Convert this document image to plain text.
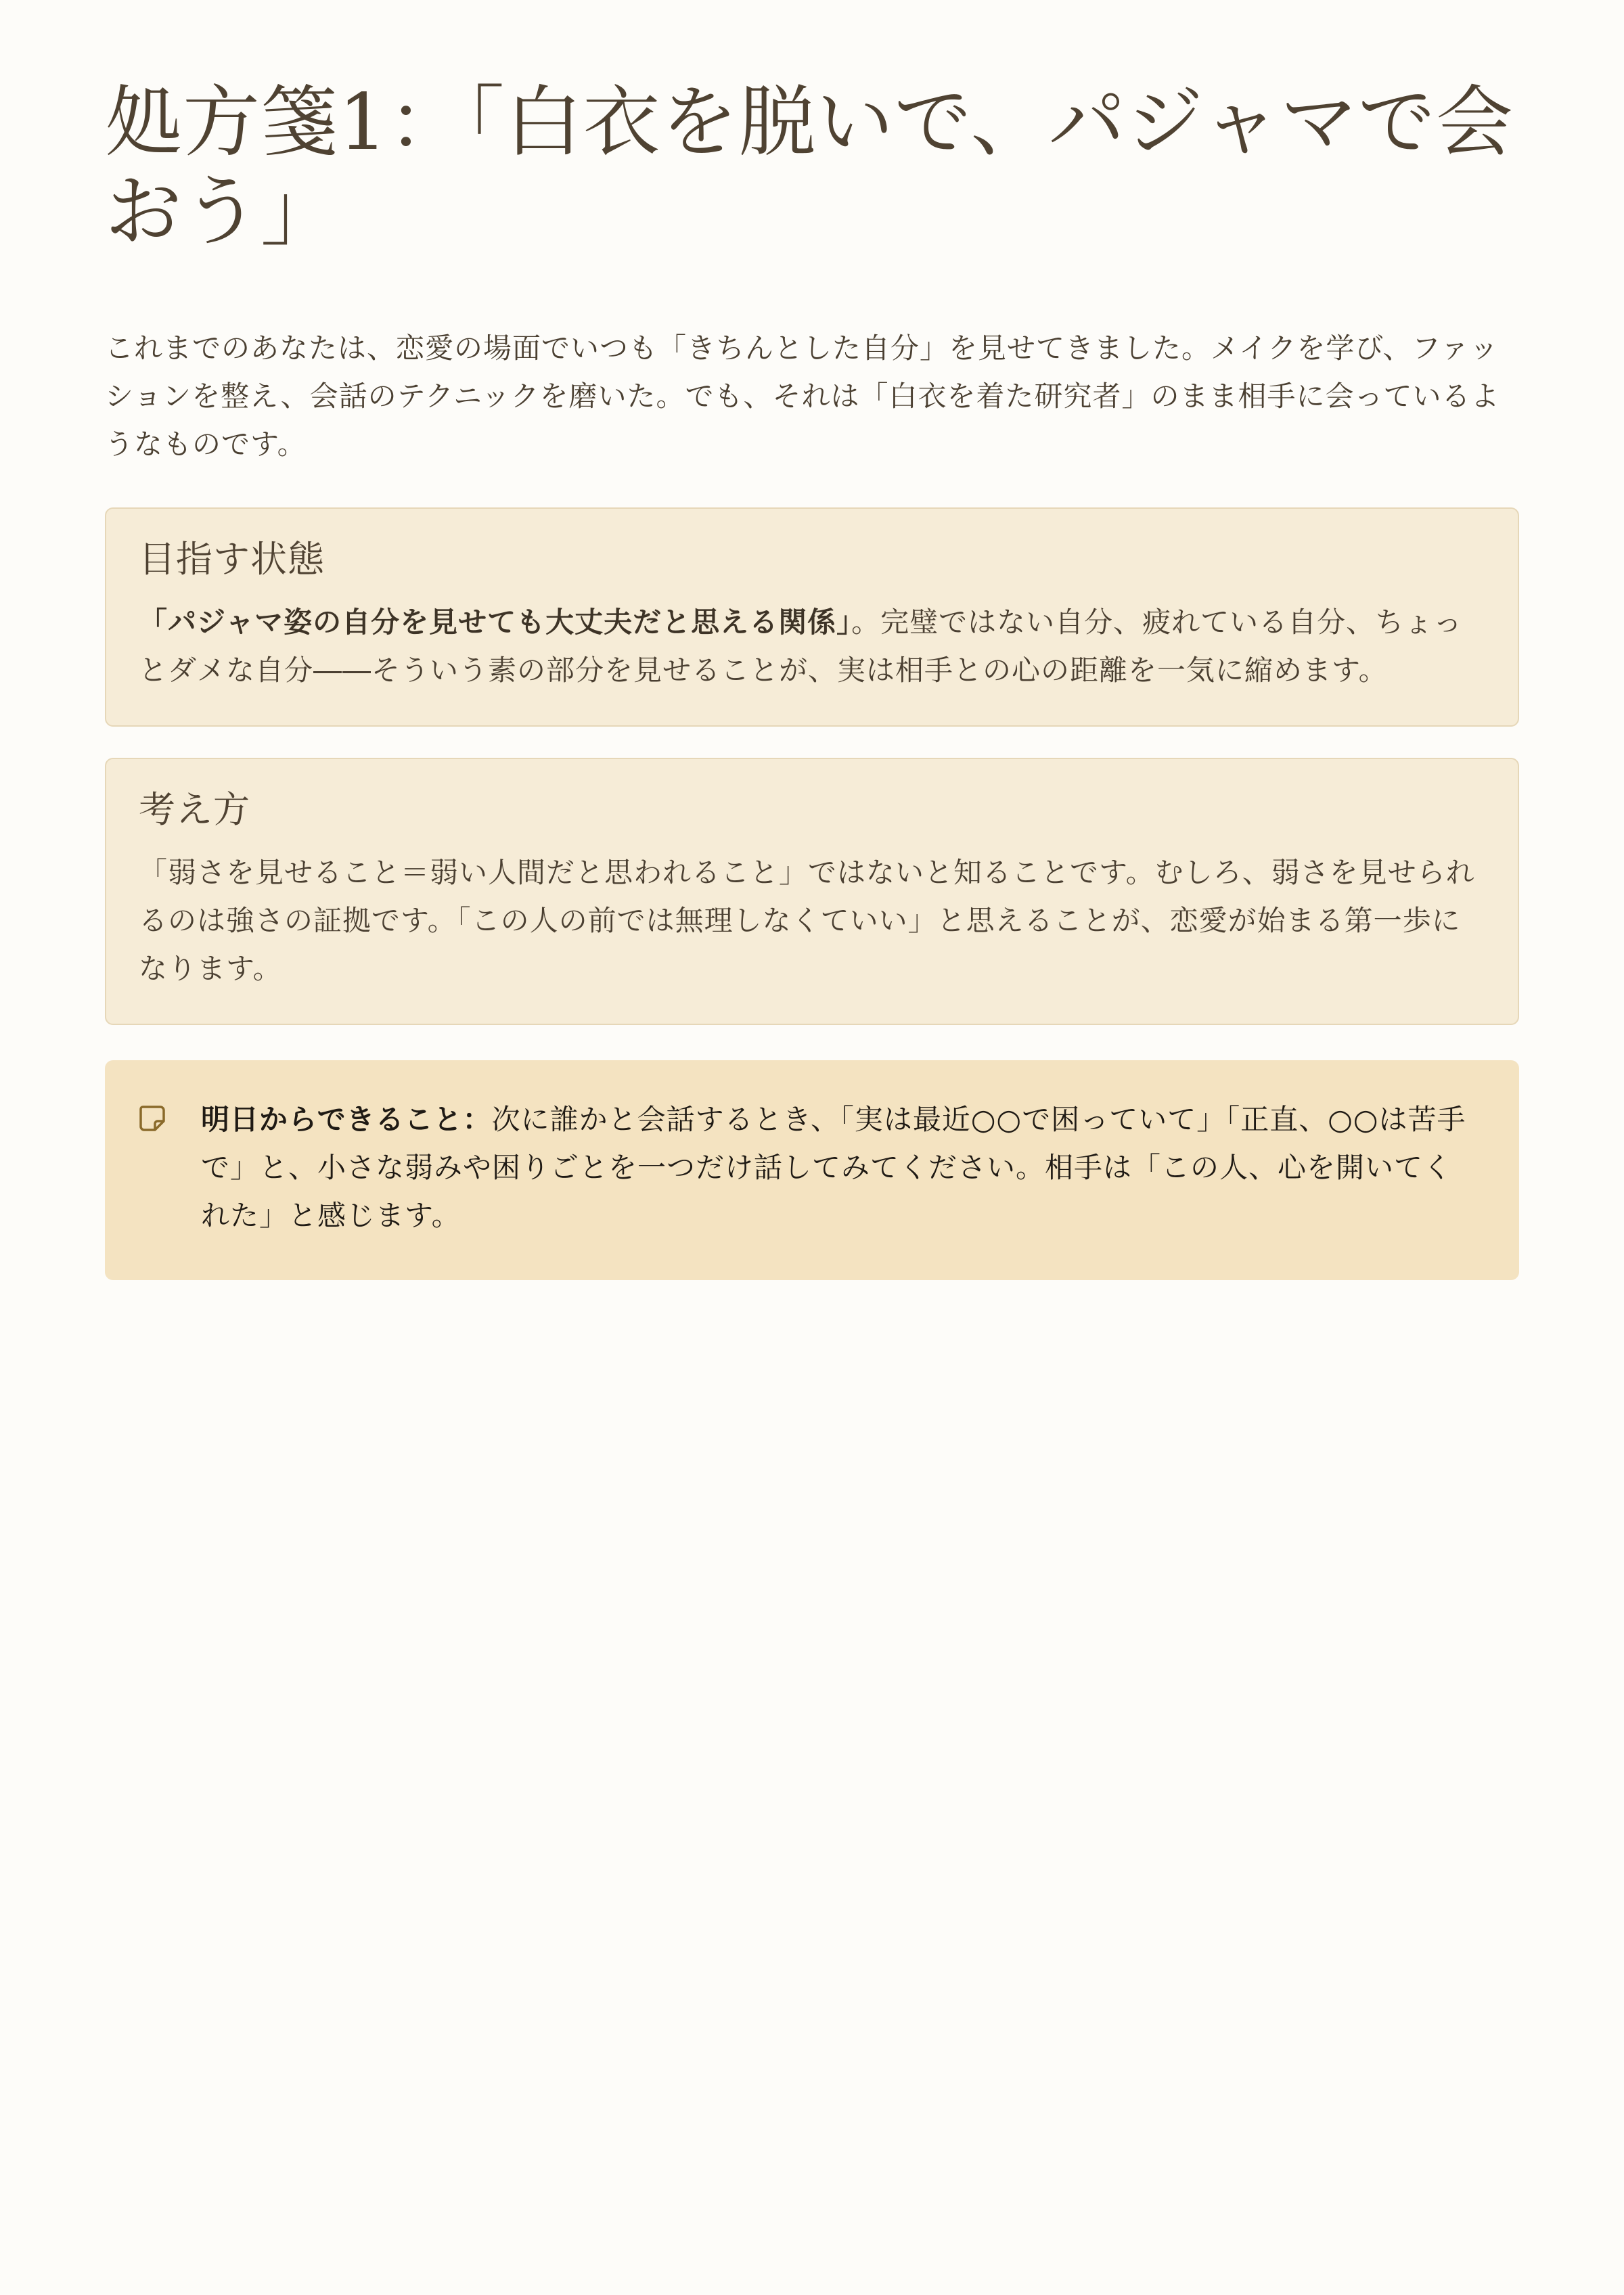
処方箋1：「白衣を脱いで、パジャマで会おう」

これまでのあなたは、恋愛の場面でいつも「きちんとした自分」を見せてきました。メイクを学び、ファッションを整え、会話のテクニックを磨いた。でも、それは「白衣を着た研究者」のまま相手に会っているようなものです。

目指す状態

「パジャマ姿の自分を見せても大丈夫だと思える関係」。完璧ではない自分、疲れている自分、ちょっとダメな自分――そういう素の部分を見せることが、実は相手との心の距離を一気に縮めます。

考え方

「弱さを見せること＝弱い人間だと思われること」ではないと知ることです。むしろ、弱さを見せられるのは強さの証拠です。「この人の前では無理しなくていい」と思えることが、恋愛が始まる第一歩になります。

明日からできること：次に誰かと会話するとき、「実は最近○○で困っていて」「正直、○○は苦手で」と、小さな弱みや困りごとを一つだけ話してみてください。相手は「この人、心を開いてくれた」と感じます。
